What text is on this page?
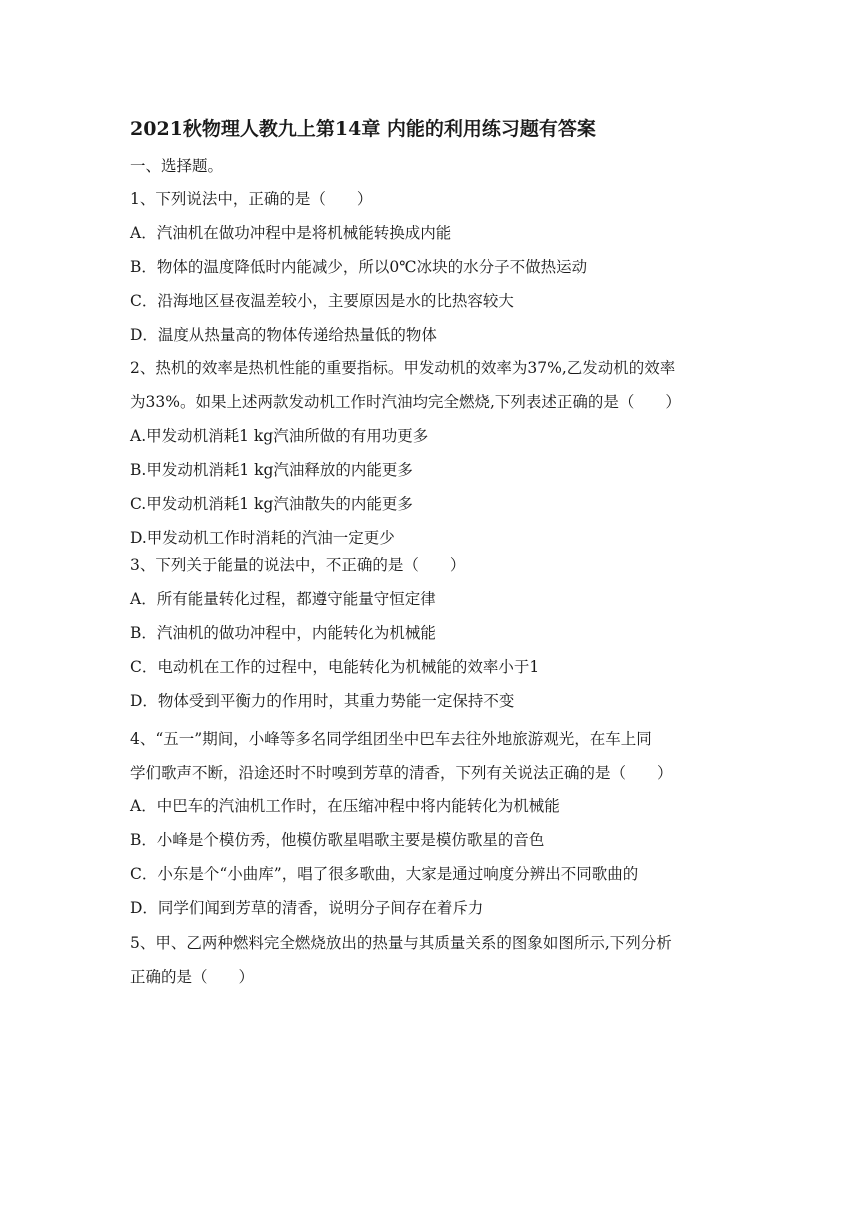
2021秋物理人教九上第14章 内能的利用练习题有答案
一、选择题。
1、下列说法中，正确的是（　　）
A．汽油机在做功冲程中是将机械能转换成内能
B．物体的温度降低时内能减少，所以0℃冰块的水分子不做热运动
C．沿海地区昼夜温差较小，主要原因是水的比热容较大
D．温度从热量高的物体传递给热量低的物体
2、热机的效率是热机性能的重要指标。甲发动机的效率为37%,乙发动机的效率
为33%。如果上述两款发动机工作时汽油均完全燃烧,下列表述正确的是（　　）
A.甲发动机消耗1 kg汽油所做的有用功更多
B.甲发动机消耗1 kg汽油释放的内能更多
C.甲发动机消耗1 kg汽油散失的内能更多
D.甲发动机工作时消耗的汽油一定更少
3、下列关于能量的说法中，不正确的是（　　）
A．所有能量转化过程，都遵守能量守恒定律
B．汽油机的做功冲程中，内能转化为机械能
C．电动机在工作的过程中，电能转化为机械能的效率小于1
D．物体受到平衡力的作用时，其重力势能一定保持不变
4、“五一”期间，小峰等多名同学组团坐中巴车去往外地旅游观光，在车上同
学们歌声不断，沿途还时不时嗅到芳草的清香，下列有关说法正确的是（　　）
A．中巴车的汽油机工作时，在压缩冲程中将内能转化为机械能
B．小峰是个模仿秀，他模仿歌星唱歌主要是模仿歌星的音色
C．小东是个“小曲库”，唱了很多歌曲，大家是通过响度分辨出不同歌曲的
D．同学们闻到芳草的清香，说明分子间存在着斥力
5、甲、乙两种燃料完全燃烧放出的热量与其质量关系的图象如图所示,下列分析
正确的是（　　）
